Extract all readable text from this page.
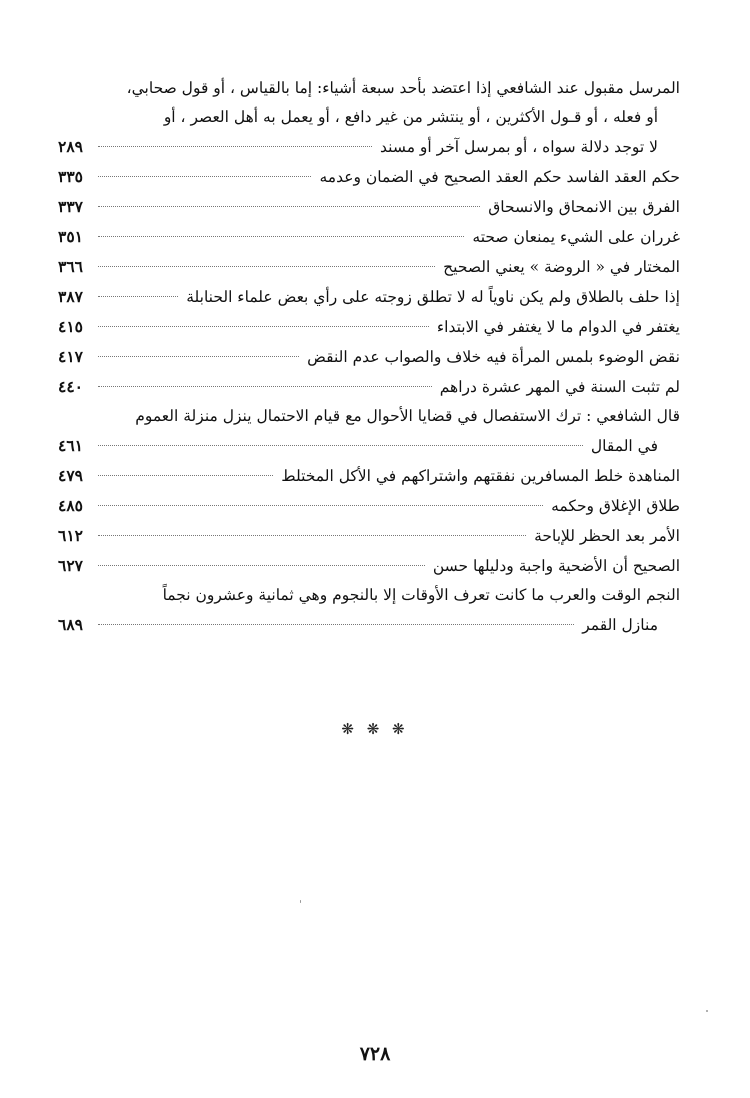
المرسل مقبول عند الشافعي إذا اعتضد بأحد سبعة أشياء: إما بالقياس ، أو قول صحابي،
أو فعله ، أو قـول الأكثرين ، أو ينتشر من غير دافع ، أو يعمل به أهل العصر ، أو
لا توجد دلالة سواه ، أو بمرسل آخر أو مسند
٢٨٩
حكم العقد الفاسد حكم العقد الصحيح في الضمان وعدمه
٣٣٥
الفرق بين الانمحاق والانسحاق
٣٣٧
غرران على الشيء يمنعان صحته
٣٥١
المختار في « الروضة » يعني الصحيح
٣٦٦
إذا حلف بالطلاق ولم يكن ناوياً له لا تطلق زوجته على رأي بعض علماء الحنابلة
٣٨٧
يغتفر في الدوام ما لا يغتفر في الابتداء
٤١٥
نقض الوضوء بلمس المرأة فيه خلاف والصواب عدم النقض
٤١٧
لم تثبت السنة في المهر عشرة دراهم
٤٤٠
قال الشافعي : ترك الاستفصال في قضايا الأحوال مع قيام الاحتمال ينزل منزلة العموم
في المقال
٤٦١
المناهدة خلط المسافرين نفقتهم واشتراكهم في الأكل المختلط
٤٧٩
طلاق الإغلاق وحكمه
٤٨٥
الأمر بعد الحظر للإباحة
٦١٢
الصحيح أن الأضحية واجبة ودليلها حسن
٦٢٧
النجم الوقت والعرب ما كانت تعرف الأوقات إلا بالنجوم وهي ثمانية وعشرون نجماً
منازل القمر
٦٨٩
❋ ❋ ❋
٧٢٨
